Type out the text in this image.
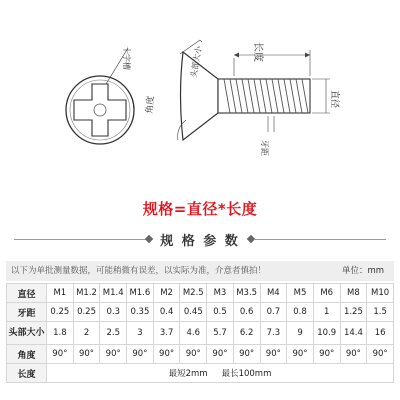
十字槽	长度
头部大小
角度	直径
牙距
规格=直径*长度
规 格 参 数
以下为单批测量数据，可能稍微有误差，以实际为准，介意者慎拍！	单位：mm
直径	M1	M1.2	M1.4	M1.6	M2	M2.5	M3	M3.5	M4	M5	M6	M8	M10
牙距	0.25	0.25	0.3	0.35	0.4	0.45	0.5	0.6	0.7	0.8	1	1.25	1.5
头部大小	1.8	2	2.5	3	3.7	4.6	5.7	6.2	7.3	9	10.9	14.4	16
角度	90°	90°	90°	90°	90°	90°	90°	90°	90°	90°	90°	90°	90°
长度	最短2mm 最长100mm												
